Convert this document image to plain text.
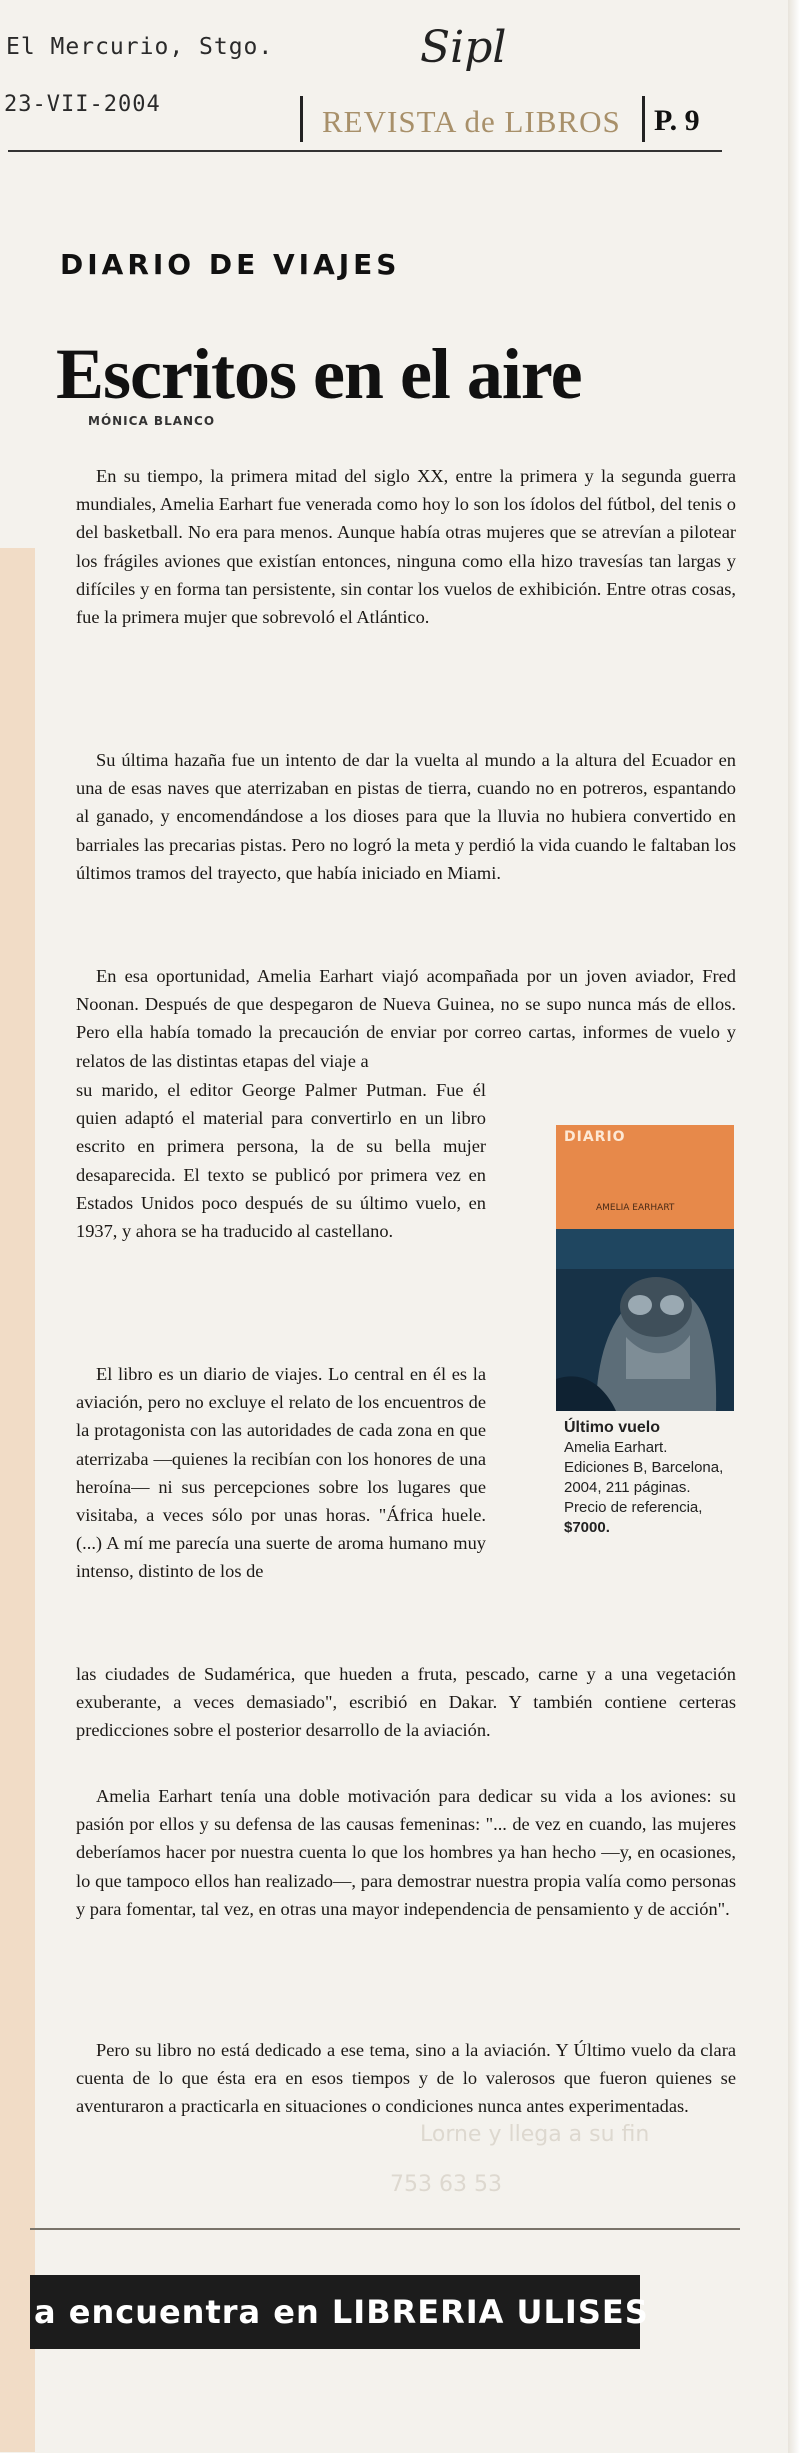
Lorne y llega a su fin
753 63 53
El Mercurio, Stgo.
23-VII-2004
Sipl
REVISTA de LIBROS P. 9
DIARIO DE VIAJES
Escritos en el aire
MÓNICA BLANCO

En su tiempo, la primera mitad del siglo XX, entre la primera y la segunda guerra mundiales, Amelia Earhart fue venerada como hoy lo son los ídolos del fútbol, del tenis o del basketball. No era para menos. Aunque había otras mujeres que se atrevían a pilotear los frágiles aviones que existían entonces, ninguna como ella hizo travesías tan largas y difíciles y en forma tan persistente, sin contar los vuelos de exhibición. Entre otras cosas, fue la primera mujer que sobrevoló el Atlántico.

Su última hazaña fue un intento de dar la vuelta al mundo a la altura del Ecuador en una de esas naves que aterrizaban en pistas de tierra, cuando no en potreros, espantando al ganado, y encomendándose a los dioses para que la lluvia no hubiera convertido en barriales las precarias pistas. Pero no logró la meta y perdió la vida cuando le faltaban los últimos tramos del trayecto, que había iniciado en Miami.

En esa oportunidad, Amelia Earhart viajó acompañada por un joven aviador, Fred Noonan. Después de que despegaron de Nueva Guinea, no se supo nunca más de ellos. Pero ella había tomado la precaución de enviar por correo cartas, informes de vuelo y relatos de las distintas etapas del viaje a

su marido, el editor George Palmer Putman. Fue él quien adaptó el material para convertirlo en un libro escrito en primera persona, la de su bella mujer desaparecida. El texto se publicó por primera vez en Estados Unidos poco después de su último vuelo, en 1937, y ahora se ha traducido al castellano.

El libro es un diario de viajes. Lo central en él es la aviación, pero no excluye el relato de los encuentros de la protagonista con las autoridades de cada zona en que aterrizaba —quienes la recibían con los honores de una heroína— ni sus percepciones sobre los lugares que visitaba, a veces sólo por unas horas. "África huele. (...) A mí me parecía una suerte de aroma humano muy intenso, distinto de los de

las ciudades de Sudamérica, que hueden a fruta, pescado, carne y a una vegetación exuberante, a veces demasiado", escribió en Dakar. Y también contiene certeras predicciones sobre el posterior desarrollo de la aviación.

Amelia Earhart tenía una doble motivación para dedicar su vida a los aviones: su pasión por ellos y su defensa de las causas femeninas: "... de vez en cuando, las mujeres deberíamos hacer por nuestra cuenta lo que los hombres ya han hecho —y, en ocasiones, lo que tampoco ellos han realizado—, para demostrar nuestra propia valía como personas y para fomentar, tal vez, en otras una mayor independencia de pensamiento y de acción".

Pero su libro no está dedicado a ese tema, sino a la aviación. Y Último vuelo da clara cuenta de lo que ésta era en esos tiempos y de lo valerosos que fueron quienes se aventuraron a practicarla en situaciones o condiciones nunca antes experimentadas.

DIARIO
AMELIA EARHART
Último vuelo
Amelia Earhart. Ediciones B, Barcelona, 2004, 211 páginas. Precio de referencia, $7000.
a encuentra en LIBRERIA ULISES
